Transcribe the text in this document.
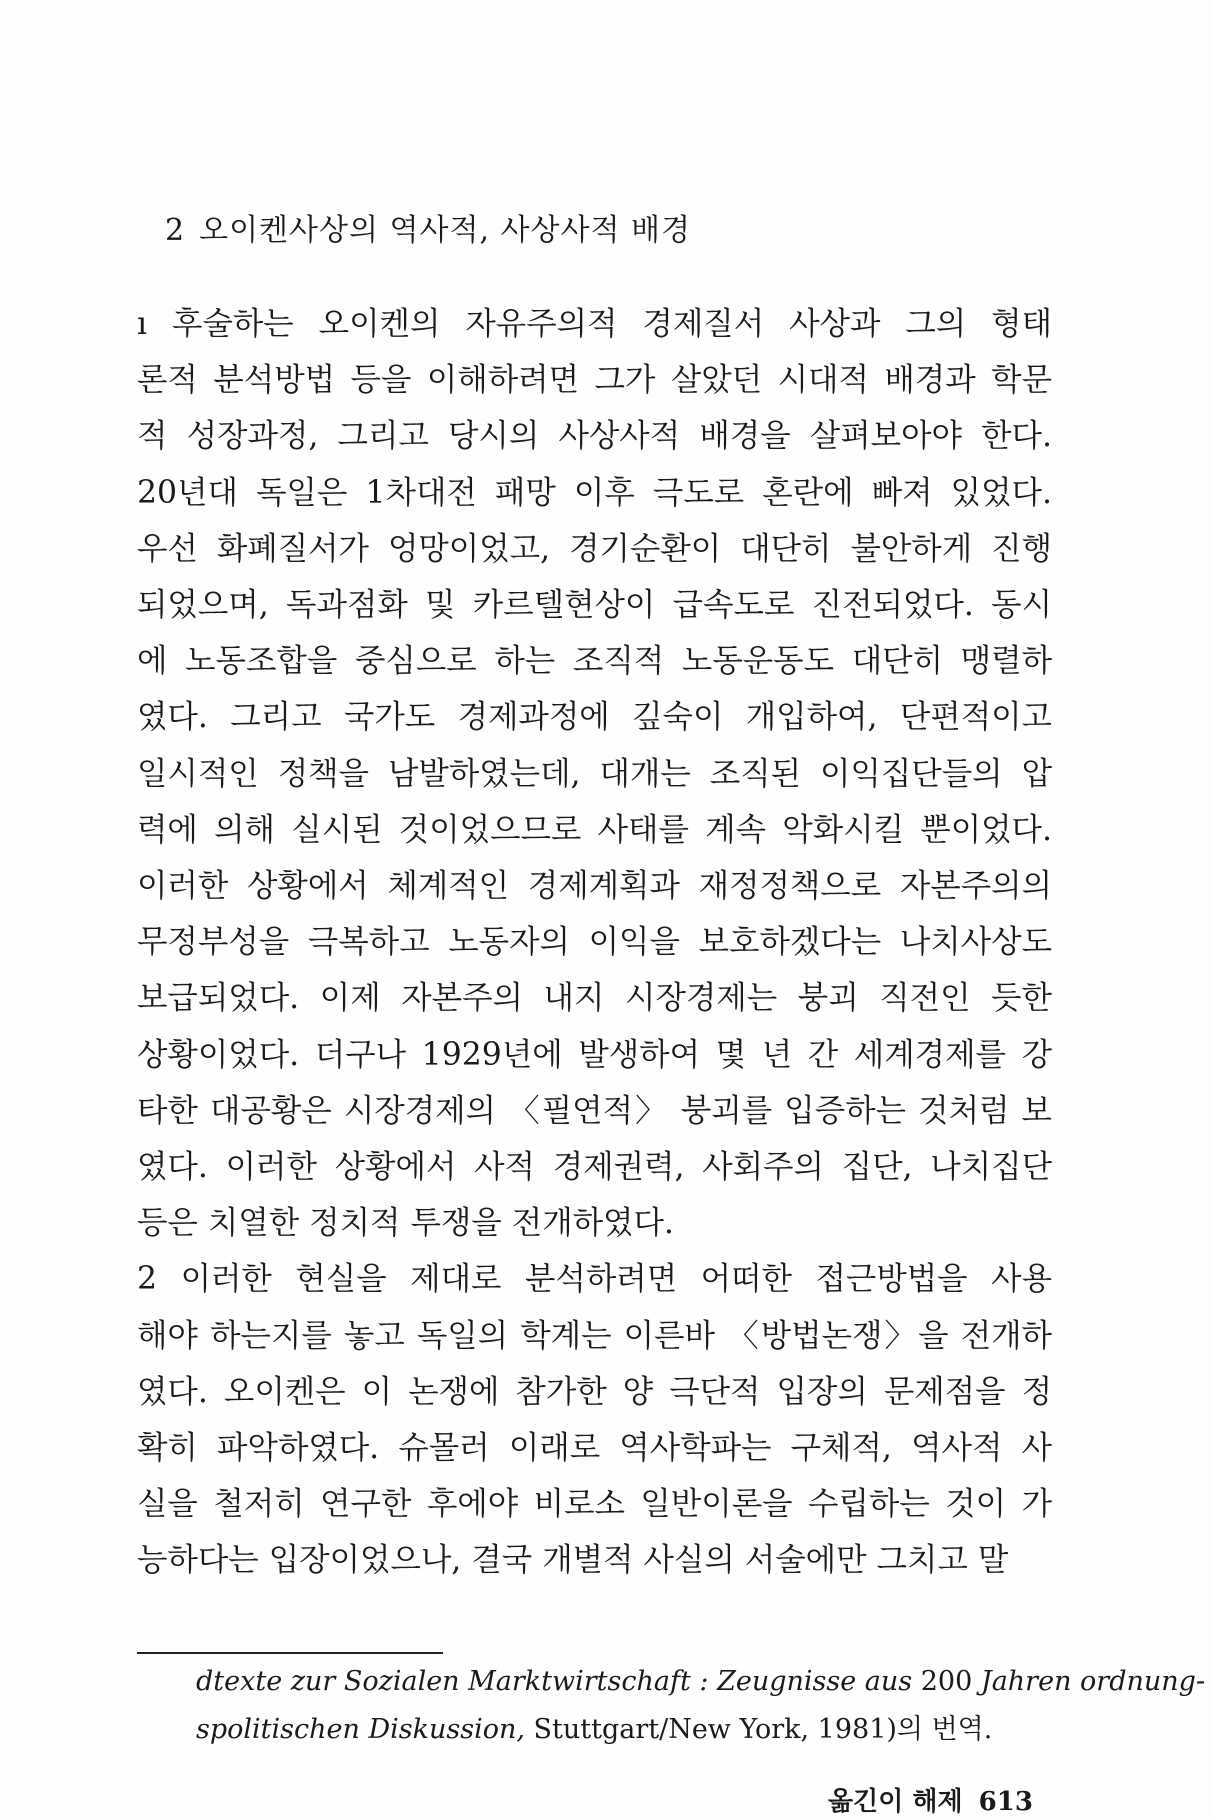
2 오이켄사상의 역사적, 사상사적 배경
ı 후술하는 오이켄의 자유주의적 경제질서 사상과 그의 형태
론적 분석방법 등을 이해하려면 그가 살았던 시대적 배경과 학문
적 성장과정, 그리고 당시의 사상사적 배경을 살펴보아야 한다.
20년대 독일은 1차대전 패망 이후 극도로 혼란에 빠져 있었다.
우선 화폐질서가 엉망이었고, 경기순환이 대단히 불안하게 진행
되었으며, 독과점화 및 카르텔현상이 급속도로 진전되었다. 동시
에 노동조합을 중심으로 하는 조직적 노동운동도 대단히 맹렬하
였다. 그리고 국가도 경제과정에 깊숙이 개입하여, 단편적이고
일시적인 정책을 남발하였는데, 대개는 조직된 이익집단들의 압
력에 의해 실시된 것이었으므로 사태를 계속 악화시킬 뿐이었다.
이러한 상황에서 체계적인 경제계획과 재정정책으로 자본주의의
무정부성을 극복하고 노동자의 이익을 보호하겠다는 나치사상도
보급되었다. 이제 자본주의 내지 시장경제는 붕괴 직전인 듯한
상황이었다. 더구나 1929년에 발생하여 몇 년 간 세계경제를 강
타한 대공황은 시장경제의 〈필연적〉 붕괴를 입증하는 것처럼 보
였다. 이러한 상황에서 사적 경제권력, 사회주의 집단, 나치집단
등은 치열한 정치적 투쟁을 전개하였다.
2 이러한 현실을 제대로 분석하려면 어떠한 접근방법을 사용
해야 하는지를 놓고 독일의 학계는 이른바 〈방법논쟁〉을 전개하
였다. 오이켄은 이 논쟁에 참가한 양 극단적 입장의 문제점을 정
확히 파악하였다. 슈몰러 이래로 역사학파는 구체적, 역사적 사
실을 철저히 연구한 후에야 비로소 일반이론을 수립하는 것이 가
능하다는 입장이었으나, 결국 개별적 사실의 서술에만 그치고 말
dtexte zur Sozialen Marktwirtschaft : Zeugnisse aus 200 Jahren ordnung-
spolitischen Diskussion, Stuttgart/New York, 1981)의 번역.
옮긴이 해제 613
